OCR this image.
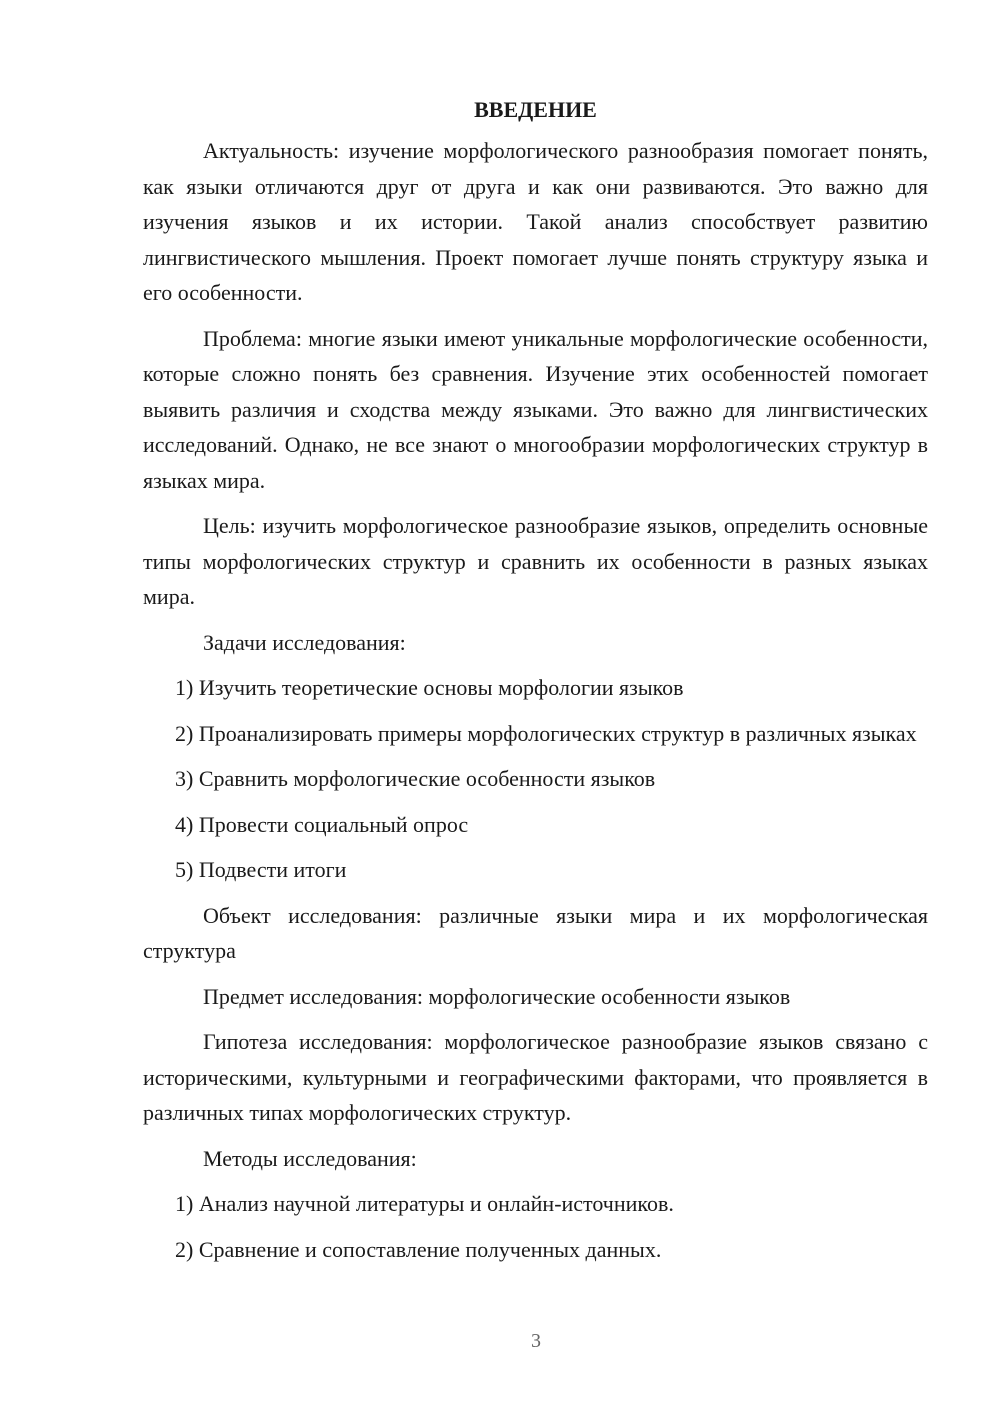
ВВЕДЕНИЕ

Актуальность: изучение морфологического разнообразия помогает понять, как языки отличаются друг от друга и как они развиваются. Это важно для изучения языков и их истории. Такой анализ способствует развитию лингвистического мышления. Проект помогает лучше понять структуру языка и его особенности.

Проблема: многие языки имеют уникальные морфологические особенности, которые сложно понять без сравнения. Изучение этих особенностей помогает выявить различия и сходства между языками. Это важно для лингвистических исследований. Однако, не все знают о многообразии морфологических структур в языках мира.

Цель: изучить морфологическое разнообразие языков, определить основные типы морфологических структур и сравнить их особенности в разных языках мира.

Задачи исследования:

1) Изучить теоретические основы морфологии языков

2) Проанализировать примеры морфологических структур в различных языках

3) Сравнить морфологические особенности языков

4) Провести социальный опрос

5) Подвести итоги

Объект исследования: различные языки мира и их морфологическая структура

Предмет исследования: морфологические особенности языков

Гипотеза исследования: морфологическое разнообразие языков связано с историческими, культурными и географическими факторами, что проявляется в различных типах морфологических структур.

Методы исследования:

1) Анализ научной литературы и онлайн-источников.

2) Сравнение и сопоставление полученных данных.

3
